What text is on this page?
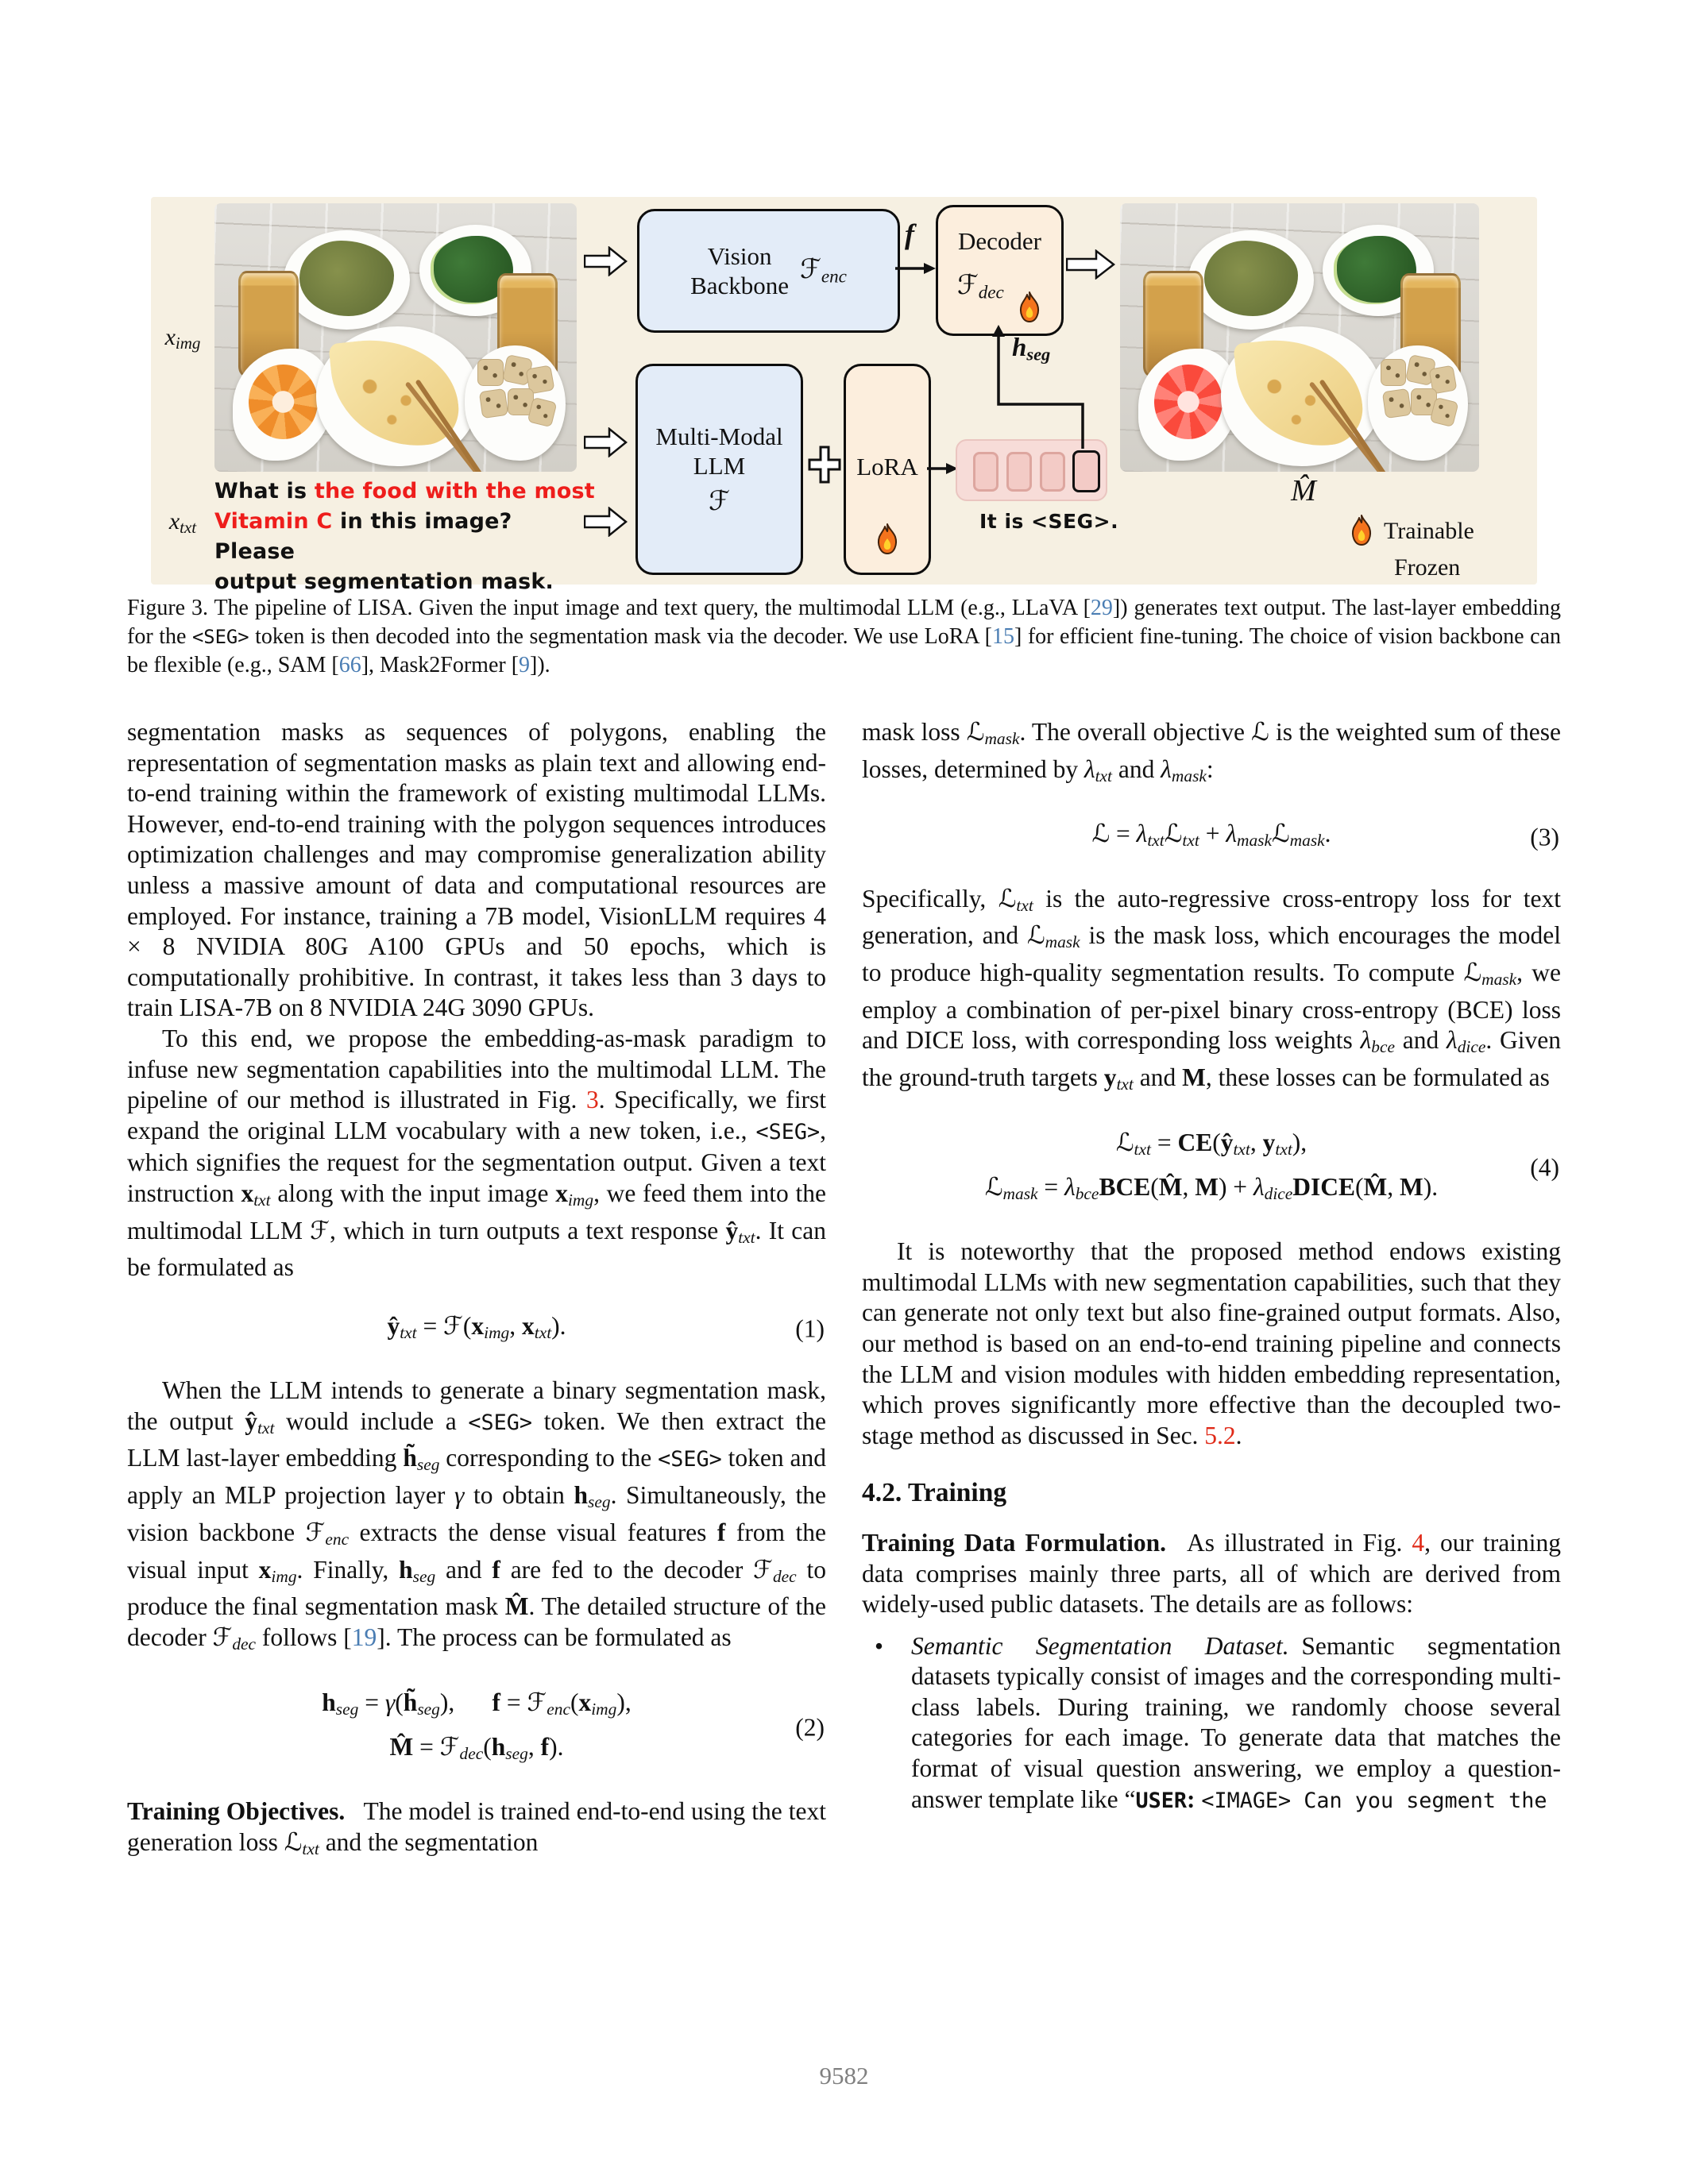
$x_{img}$
What is the food with the most
Vitamin C in this image? Please
output segmentation mask.
$x_{txt}$
Vision
Backbone
ℱ$_{enc}$
f	Decoder
ℱ$_{dec}$
M̂
Trainable
Frozen
Multi-Modal
LLM
ℱ
LoRA
$h_{seg}$
It is <SEG>.
Figure 3. The pipeline of LISA. Given the input image and text query, the multimodal LLM (e.g., LLaVA [29]) generates text output. The last-layer embedding for the <SEG> token is then decoded into the segmentation mask via the decoder. We use LoRA [15] for efficient fine-tuning. The choice of vision backbone can be flexible (e.g., SAM [66], Mask2Former [9]).

segmentation masks as sequences of polygons, enabling the representation of segmentation masks as plain text and allowing end-to-end training within the framework of existing multimodal LLMs. However, end-to-end training with the polygon sequences introduces optimization challenges and may compromise generalization ability unless a massive amount of data and computational resources are employed. For instance, training a 7B model, VisionLLM requires 4 × 8 NVIDIA 80G A100 GPUs and 50 epochs, which is computationally prohibitive. In contrast, it takes less than 3 days to train LISA-7B on 8 NVIDIA 24G 3090 GPUs.

To this end, we propose the embedding-as-mask paradigm to infuse new segmentation capabilities into the multimodal LLM. The pipeline of our method is illustrated in Fig. 3. Specifically, we first expand the original LLM vocabulary with a new token, i.e., <SEG>, which signifies the request for the segmentation output. Given a text instruction $x_{txt}$ along with the input image $x_{img}$, we feed them into the multimodal LLM ℱ, which in turn outputs a text response $ŷ_{txt}$. It can be formulated as

$ŷ_{txt}$ = $ℱ(x_{img}$, $x_{txt}$).	(1)

When the LLM intends to generate a binary segmentation mask, the output $ŷ_{txt}$ would include a <SEG> token. We then extract the LLM last-layer embedding $h̃_{seg}$ corresponding to the <SEG> token and apply an MLP projection layer γ to obtain $h_{seg}$. Simultaneously, the vision backbone ℱ$_{enc}$ extracts the dense visual features f from the visual input $x_{img}$. Finally, $h_{seg}$ and f are fed to the decoder ℱ$_{dec}$ to produce the final segmentation mask M̂. The detailed structure of the decoder ℱ$_{dec}$ follows [19]. The process can be formulated as

$h_{seg}$ = $\gamma(h̃_{seg})$,   $f = ℱ_{enc}(x_{img})$,
M̂ = $ℱ_{dec}(h_{seg}$, f).
(2)

Training Objectives.  The model is trained end-to-end using the text generation loss ℒ$_{txt}$ and the segmentation

mask loss ℒ$_{mask}$. The overall objective ℒ is the weighted sum of these losses, determined by $\lambda_{txt}$ and $\lambda_{mask}$:

ℒ = $\lambda_{txt}ℒ_{txt}$ + $\lambda_{mask}ℒ_{mask}$.	(3)

Specifically, ℒ$_{txt}$ is the auto-regressive cross-entropy loss for text generation, and ℒ$_{mask}$ is the mask loss, which encourages the model to produce high-quality segmentation results. To compute ℒ$_{mask}$, we employ a combination of per-pixel binary cross-entropy (BCE) loss and DICE loss, with corresponding loss weights $\lambda_{bce}$ and $\lambda_{dice}$. Given the ground-truth targets $y_{txt}$ and M, these losses can be formulated as

ℒ$_{txt}$ = $CE(ŷ_{txt}$, $y_{txt}$),
ℒ$_{mask}$ = $\lambda_{bce}BCE(M̂$, $M) + \lambda_{dice}DICE(M̂$, M).
(4)

It is noteworthy that the proposed method endows existing multimodal LLMs with new segmentation capabilities, such that they can generate not only text but also fine-grained output formats. Also, our method is based on an end-to-end training pipeline and connects the LLM and vision modules with hidden embedding representation, which proves significantly more effective than the decoupled two-stage method as discussed in Sec. 5.2.

4.2. Training

Training Data Formulation.  As illustrated in Fig. 4, our training data comprises mainly three parts, all of which are derived from widely-used public datasets. The details are as follows:

•	Semantic Segmentation Dataset. Semantic segmentation datasets typically consist of images and the corresponding multi-class labels. During training, we randomly choose several categories for each image. To generate data that matches the format of visual question answering, we employ a question-answer template like “USER: <IMAGE> Can you segment the

9582
